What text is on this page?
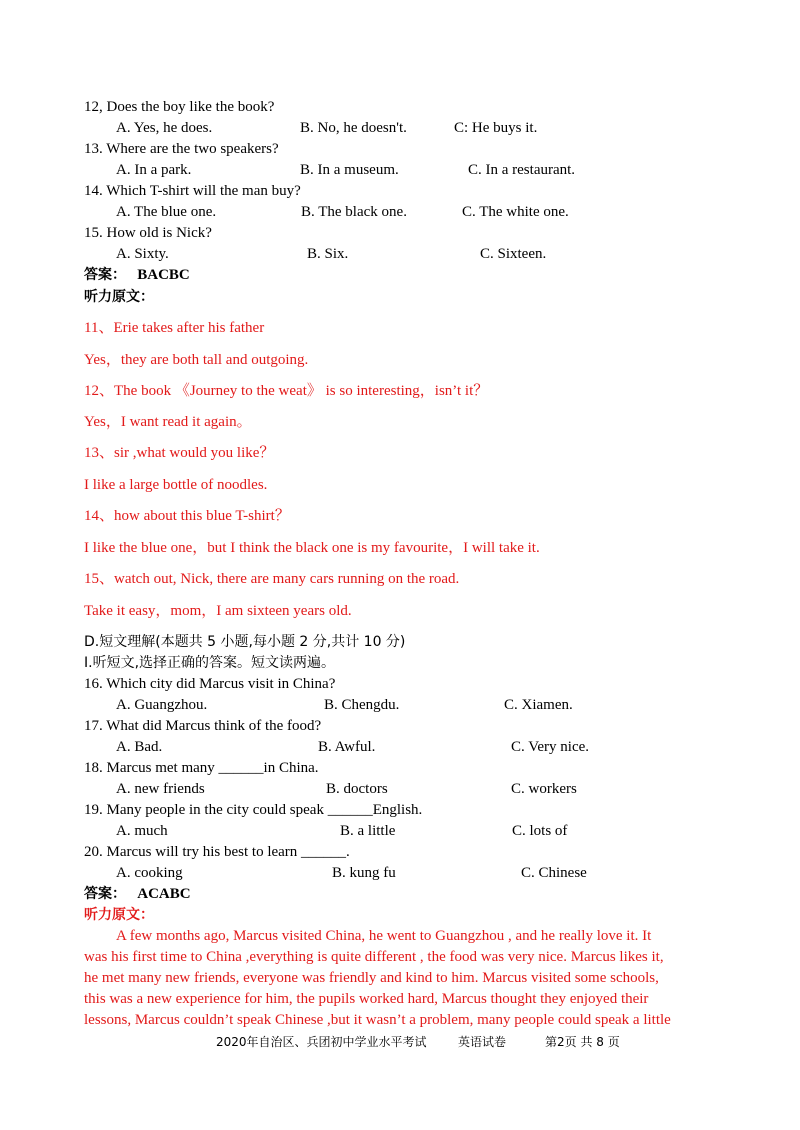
12, Does the boy like the book?
A. Yes, he does.	B. No, he doesn't.	C: He buys it.
13. Where are the two speakers?
A. In a park.	B. In a museum.	C. In a restaurant.
14. Which T-shirt will the man buy?
A. The blue one.	B. The black one.	C. The white one.
15. How old is Nick?
A. Sixty.	B. Six.	C. Sixteen.
答案： BACBC
听力原文：
11、Erie takes after his father
Yes，they are both tall and outgoing.
12、The book 《Journey to the weat》 is so interesting，isn’t it？
Yes，I want read it again。
13、sir ,what would you like？
I like a large bottle of noodles.
14、how about this blue T-shirt？
I like the blue one，but I think the black one is my favourite，I will take it.
15、watch out, Nick, there are many cars running on the road.
Take it easy，mom，I am sixteen years old.
D.短文理解(本题共 5 小题,每小题 2 分,共计 10 分)
I.听短文,选择正确的答案。短文读两遍。
16. Which city did Marcus visit in China?
A. Guangzhou.	B. Chengdu.	C. Xiamen.
17. What did Marcus think of the food?
A. Bad.	B. Awful.	C. Very nice.
18. Marcus met many ______in China.
A. new friends	B. doctors	C. workers
19. Many people in the city could speak ______English.
A. much	B. a little	C. lots of
20. Marcus will try his best to learn ______.
A. cooking	B. kung fu	C. Chinese
答案： ACABC
听力原文：
A few months ago, Marcus visited China, he went to Guangzhou , and he really love it. It
was his first time to China ,everything is quite different , the food was very nice. Marcus likes it,
he met many new friends, everyone was friendly and kind to him. Marcus visited some schools,
this was a new experience for him, the pupils worked hard, Marcus thought they enjoyed their
lessons, Marcus couldn’t speak Chinese ,but it wasn’t a problem, many people could speak a little
2020年自治区、兵团初中学业水平考试	英语试卷	第2页 共 8 页
